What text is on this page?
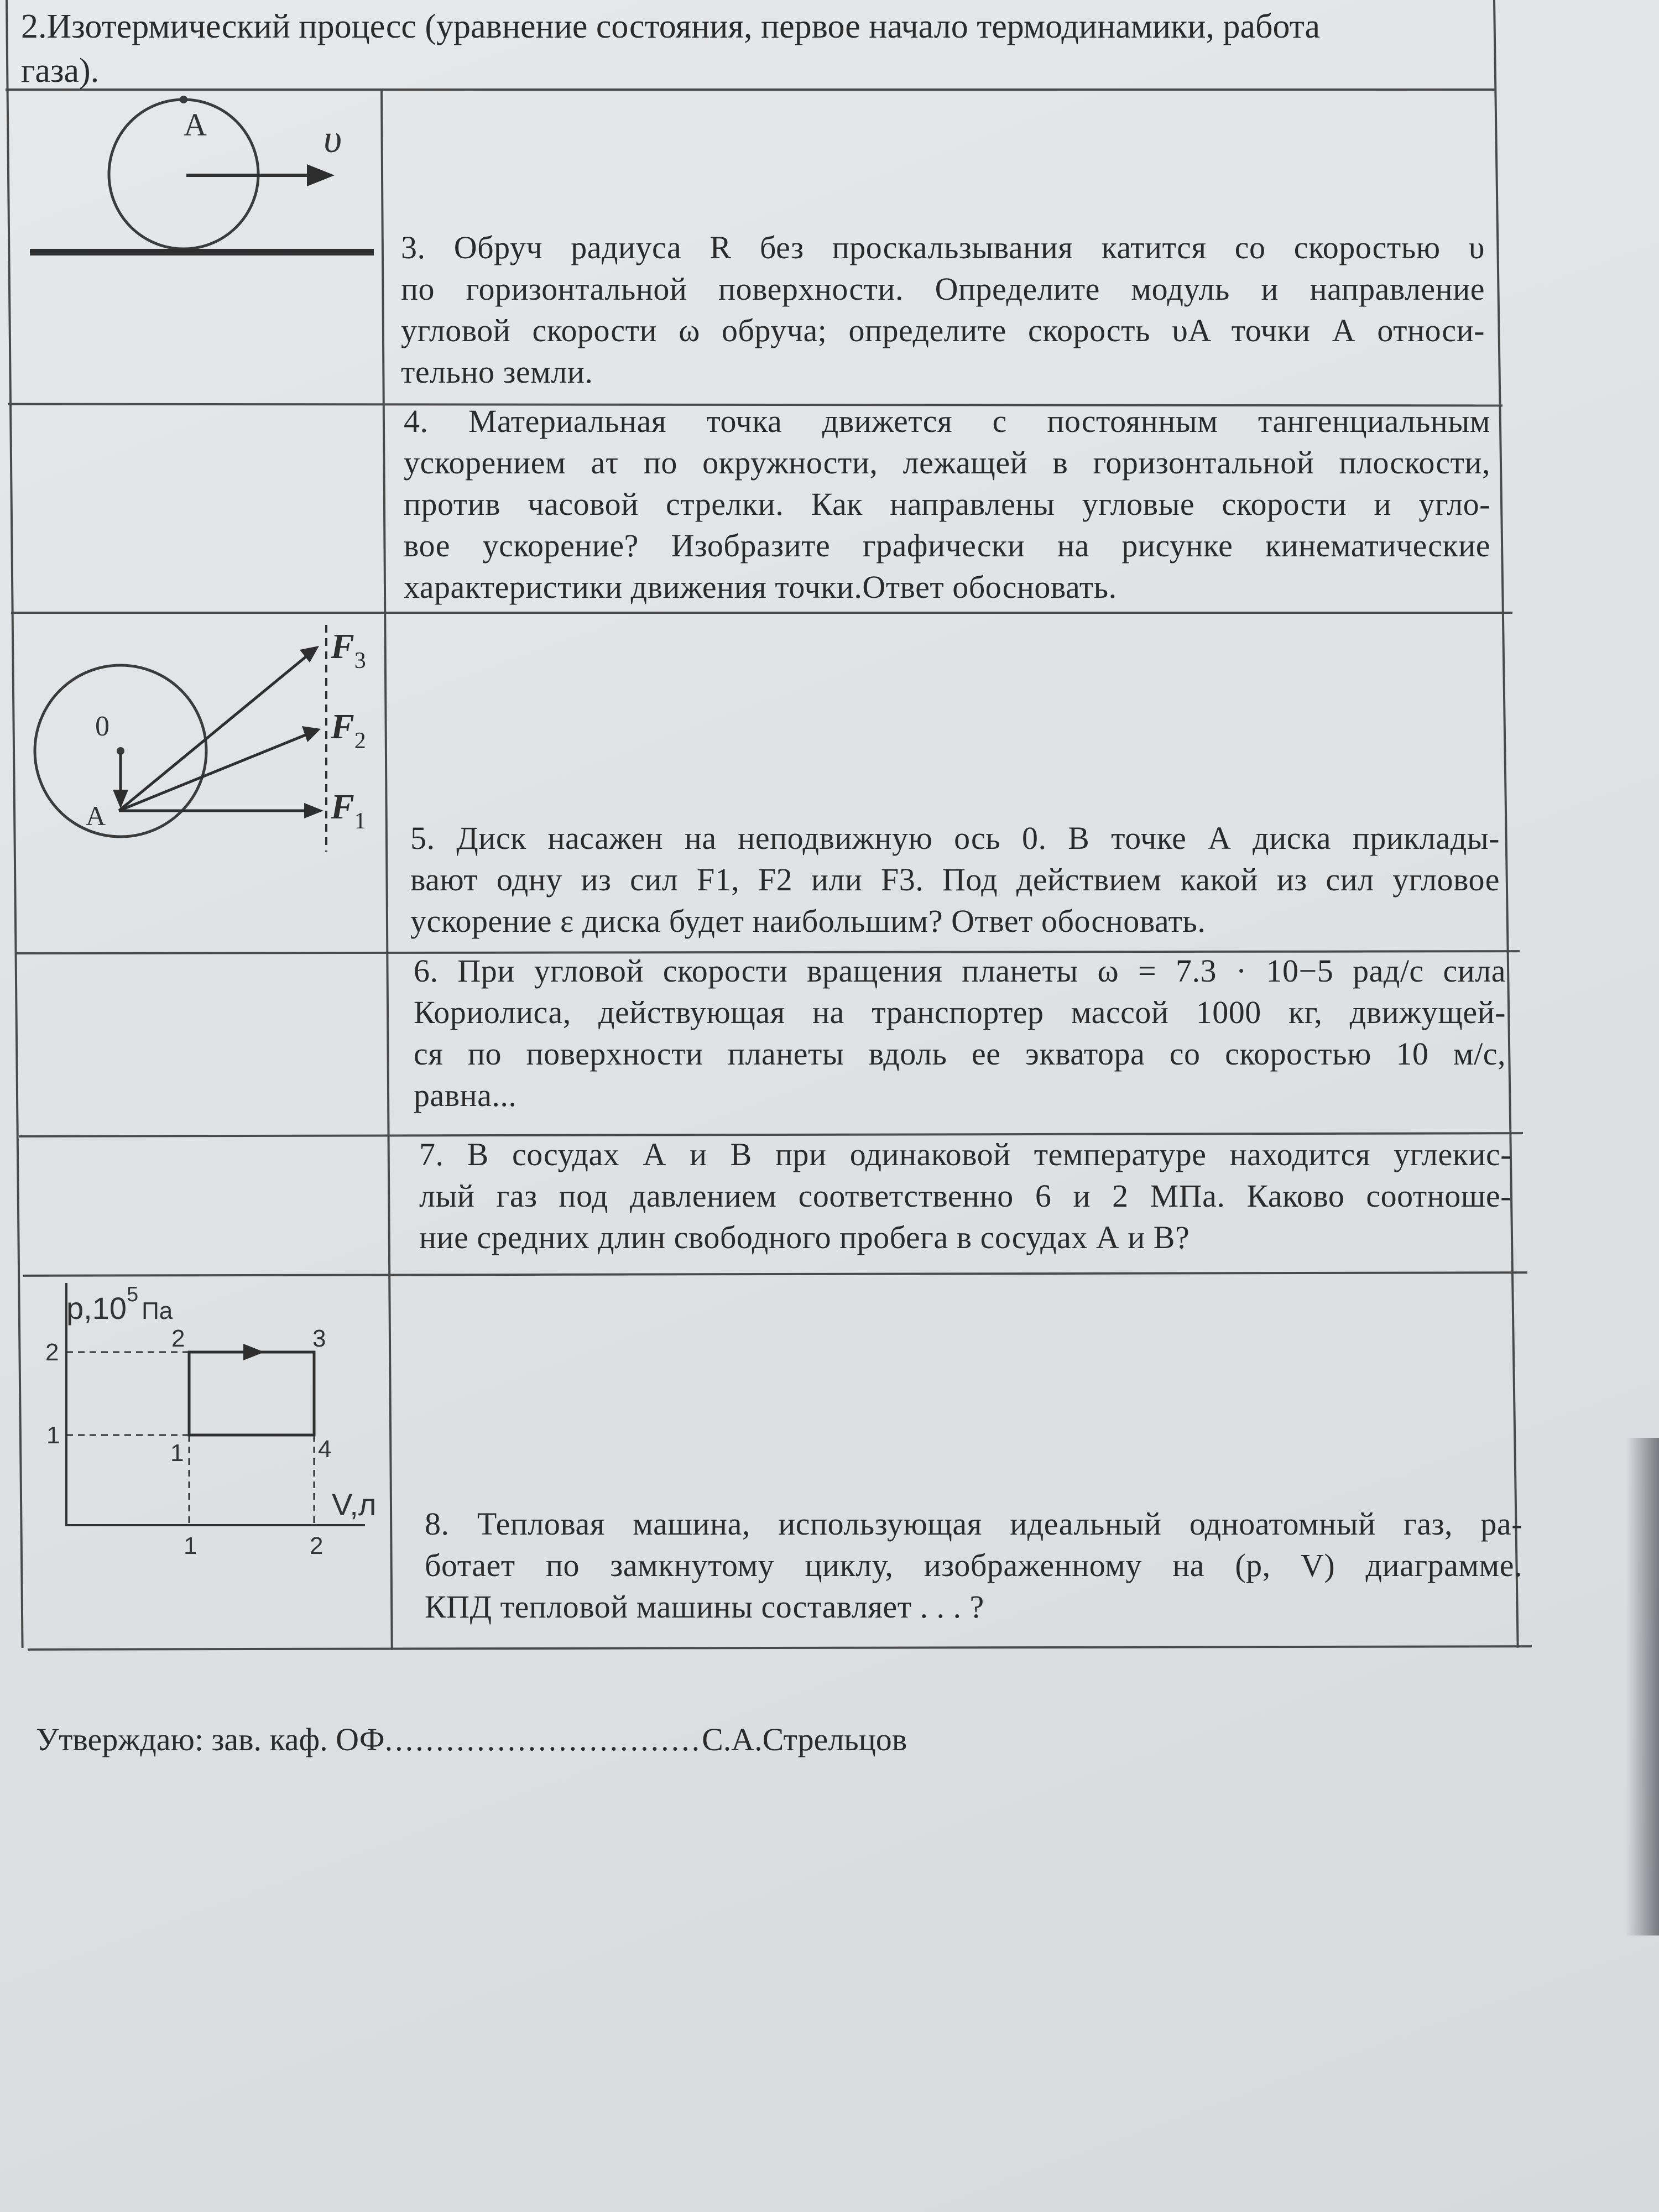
2.Изотермический процесс (уравнение состояния, первое начало термодинамики, работа
газа).
A	υ
3. Обруч радиуса R без проскальзывания катится со скоростью υ
по горизонтальной поверхности. Определите модуль и направление
угловой скорости ω обруча; определите скорость υA точки А относи-
тельно земли.
4. Материальная точка движется с постоянным тангенциальным
ускорением aτ по окружности, лежащей в горизонтальной плоскости,
против часовой стрелки. Как направлены угловые скорости и угло-
вое ускорение? Изобразите графически на рисунке кинематические
характеристики движения точки.Ответ обосновать.
0
A
$F_3$
$F_2$
$F_1$ 5. Диск насажен на неподвижную ось 0. В точке А диска приклады-
вают одну из сил F1, F2 или F3. Под действием какой из сил угловое
ускорение ε диска будет наибольшим? Ответ обосновать.
6. При угловой скорости вращения планеты ω = 7.3 · 10−5 рад/с сила
Кориолиса, действующая на транспортер массой 1000 кг, движущей-
ся по поверхности планеты вдоль ее экватора со скоростью 10 м/с,
равна...
7. В сосудах А и В при одинаковой температуре находится углекис-
лый газ под давлением соответственно 6 и 2 МПа. Каково соотноше-
ние средних длин свободного пробега в сосудах А и В?
$p,10^5_{Па}$
2
1
1	2
V,л
2	3
1	4
8. Тепловая машина, использующая идеальный одноатомный газ, ра-
ботает по замкнутому циклу, изображенному на (p, V) диаграмме.
КПД тепловой машины составляет . . . ?
Утверждаю: зав. каф. ОФ...............................С.А.Стрельцов
